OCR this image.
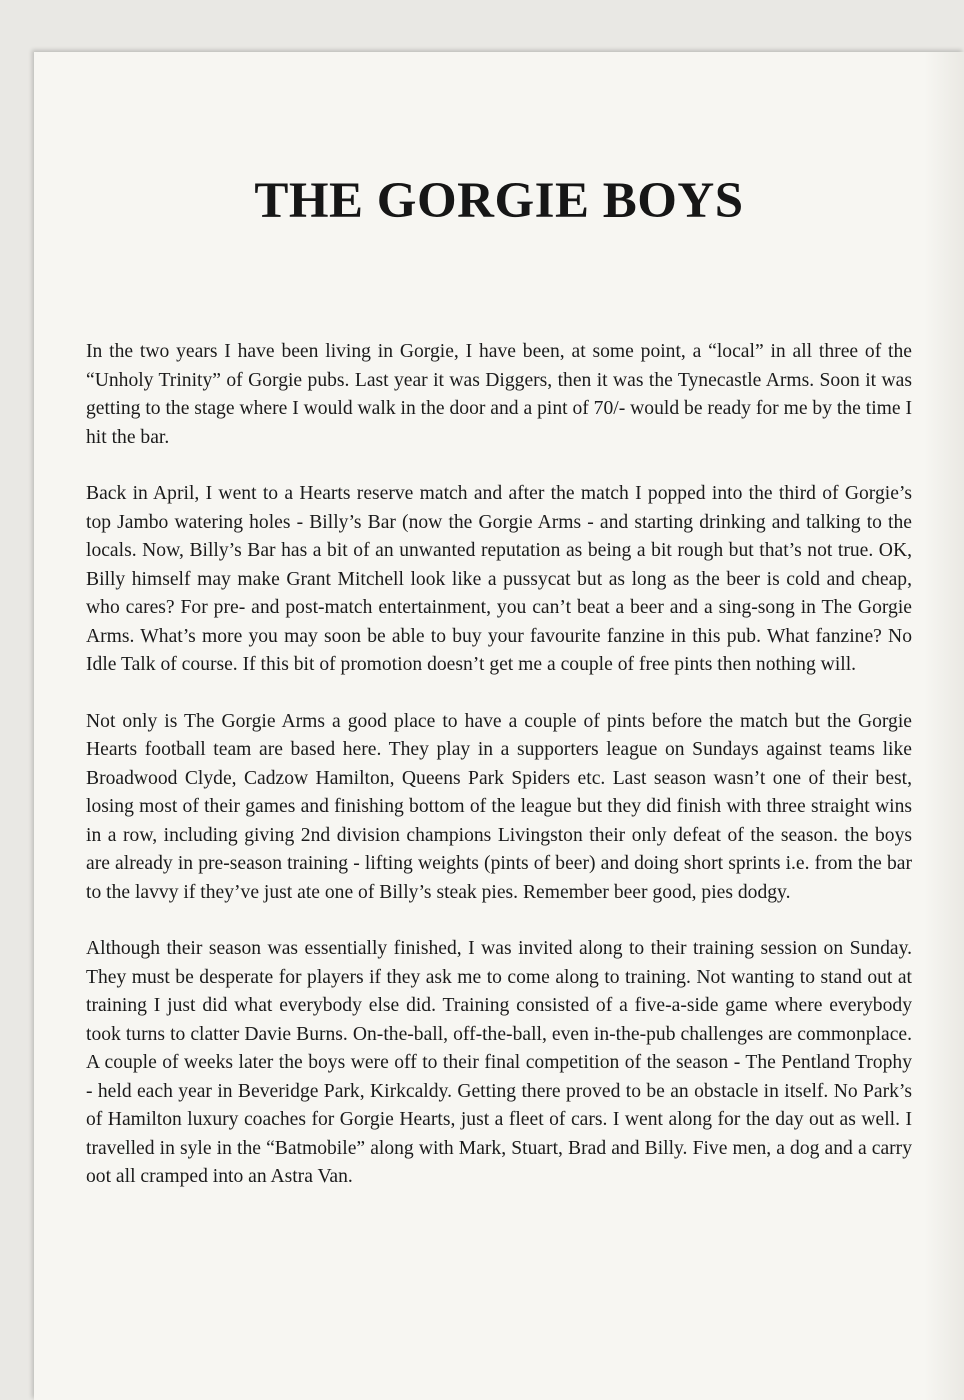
THE GORGIE BOYS

In the two years I have been living in Gorgie, I have been, at some point, a “local” in all three of the “Unholy Trinity” of Gorgie pubs. Last year it was Diggers, then it was the Tynecastle Arms. Soon it was getting to the stage where I would walk in the door and a pint of 70/- would be ready for me by the time I hit the bar.

Back in April, I went to a Hearts reserve match and after the match I popped into the third of Gorgie’s top Jambo watering holes - Billy’s Bar (now the Gorgie Arms - and starting drinking and talking to the locals. Now, Billy’s Bar has a bit of an unwanted reputation as being a bit rough but that’s not true. OK, Billy himself may make Grant Mitchell look like a pussycat but as long as the beer is cold and cheap, who cares? For pre- and post-match entertainment, you can’t beat a beer and a sing-song in The Gorgie Arms. What’s more you may soon be able to buy your favourite fanzine in this pub. What fanzine? No Idle Talk of course. If this bit of promotion doesn’t get me a couple of free pints then nothing will.

Not only is The Gorgie Arms a good place to have a couple of pints before the match but the Gorgie Hearts football team are based here. They play in a supporters league on Sundays against teams like Broadwood Clyde, Cadzow Hamilton, Queens Park Spiders etc. Last season wasn’t one of their best, losing most of their games and finishing bottom of the league but they did finish with three straight wins in a row, including giving 2nd division champions Livingston their only defeat of the season. the boys are already in pre-season training - lifting weights (pints of beer) and doing short sprints i.e. from the bar to the lavvy if they’ve just ate one of Billy’s steak pies. Remember beer good, pies dodgy.

Although their season was essentially finished, I was invited along to their training session on Sunday. They must be desperate for players if they ask me to come along to training. Not wanting to stand out at training I just did what everybody else did. Training consisted of a five-a-side game where everybody took turns to clatter Davie Burns. On-the-ball, off-the-ball, even in-the-pub challenges are commonplace. A couple of weeks later the boys were off to their final competition of the season - The Pentland Trophy - held each year in Beveridge Park, Kirkcaldy. Getting there proved to be an obstacle in itself. No Park’s of Hamilton luxury coaches for Gorgie Hearts, just a fleet of cars. I went along for the day out as well. I travelled in syle in the “Batmobile” along with Mark, Stuart, Brad and Billy. Five men, a dog and a carry oot all cramped into an Astra Van.
